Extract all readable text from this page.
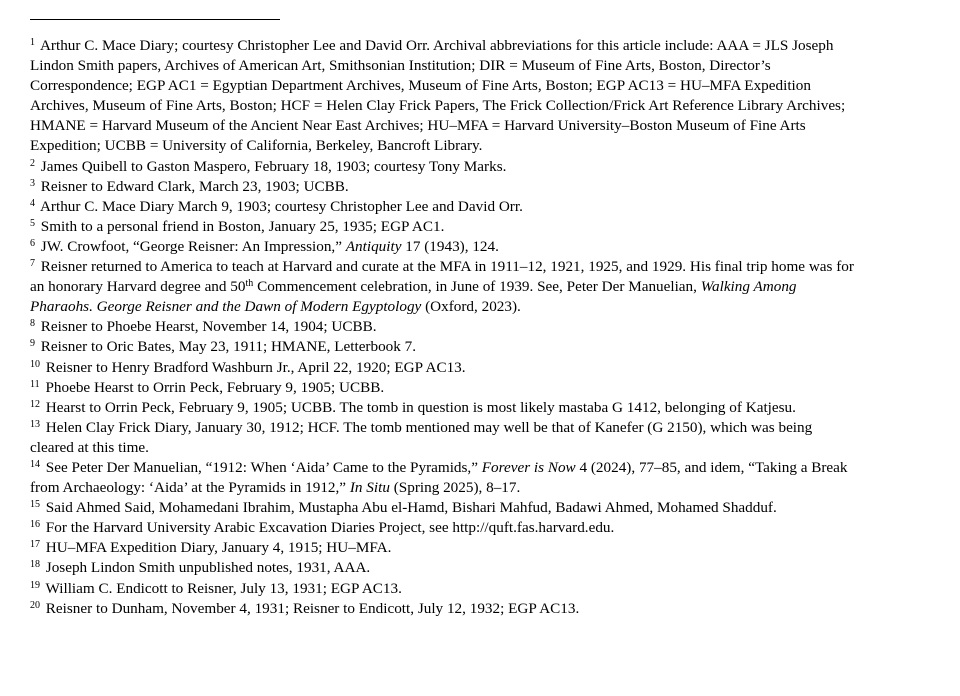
$^1$ Arthur C. Mace Diary; courtesy Christopher Lee and David Orr. Archival abbreviations for this article include: AAA = JLS Joseph Lindon Smith papers, Archives of American Art, Smithsonian Institution; DIR = Museum of Fine Arts, Boston, Director’s Correspondence; EGP AC1 = Egyptian Department Archives, Museum of Fine Arts, Boston; EGP AC13 = HU–MFA Expedition Archives, Museum of Fine Arts, Boston; HCF = Helen Clay Frick Papers, The Frick Collection/Frick Art Reference Library Archives; HMANE = Harvard Museum of the Ancient Near East Archives; HU–MFA = Harvard University–Boston Museum of Fine Arts Expedition; UCBB = University of California, Berkeley, Bancroft Library.

$^2$ James Quibell to Gaston Maspero, February 18, 1903; courtesy Tony Marks.

$^3$ Reisner to Edward Clark, March 23, 1903; UCBB.

$^4$ Arthur C. Mace Diary March 9, 1903; courtesy Christopher Lee and David Orr.

$^5$ Smith to a personal friend in Boston, January 25, 1935; EGP AC1.

$^6$ JW. Crowfoot, “George Reisner: An Impression,” Antiquity 17 (1943), 124.

$^7$ Reisner returned to America to teach at Harvard and curate at the MFA in 1911–12, 1921, 1925, and 1929. His final trip home was for an honorary Harvard degree and 50th Commencement celebration, in June of 1939. See, Peter Der Manuelian, Walking Among Pharaohs. George Reisner and the Dawn of Modern Egyptology (Oxford, 2023).

$^8$ Reisner to Phoebe Hearst, November 14, 1904; UCBB.

$^9$ Reisner to Oric Bates, May 23, 1911; HMANE, Letterbook 7.

$^{10}$ Reisner to Henry Bradford Washburn Jr., April 22, 1920; EGP AC13.

$^{11}$ Phoebe Hearst to Orrin Peck, February 9, 1905; UCBB.

$^{12}$ Hearst to Orrin Peck, February 9, 1905; UCBB. The tomb in question is most likely mastaba G 1412, belonging of Katjesu.

$^{13}$ Helen Clay Frick Diary, January 30, 1912; HCF. The tomb mentioned may well be that of Kanefer (G 2150), which was being cleared at this time.

$^{14}$ See Peter Der Manuelian, “1912: When ‘Aida’ Came to the Pyramids,” Forever is Now 4 (2024), 77–85, and idem, “Taking a Break from Archaeology: ‘Aida’ at the Pyramids in 1912,” In Situ (Spring 2025), 8–17.

$^{15}$ Said Ahmed Said, Mohamedani Ibrahim, Mustapha Abu el-Hamd, Bishari Mahfud, Badawi Ahmed, Mohamed Shadduf.

$^{16}$ For the Harvard University Arabic Excavation Diaries Project, see http://quft.fas.harvard.edu.

$^{17}$ HU–MFA Expedition Diary, January 4, 1915; HU–MFA.

$^{18}$ Joseph Lindon Smith unpublished notes, 1931, AAA.

$^{19}$ William C. Endicott to Reisner, July 13, 1931; EGP AC13.

$^{20}$ Reisner to Dunham, November 4, 1931; Reisner to Endicott, July 12, 1932; EGP AC13.
